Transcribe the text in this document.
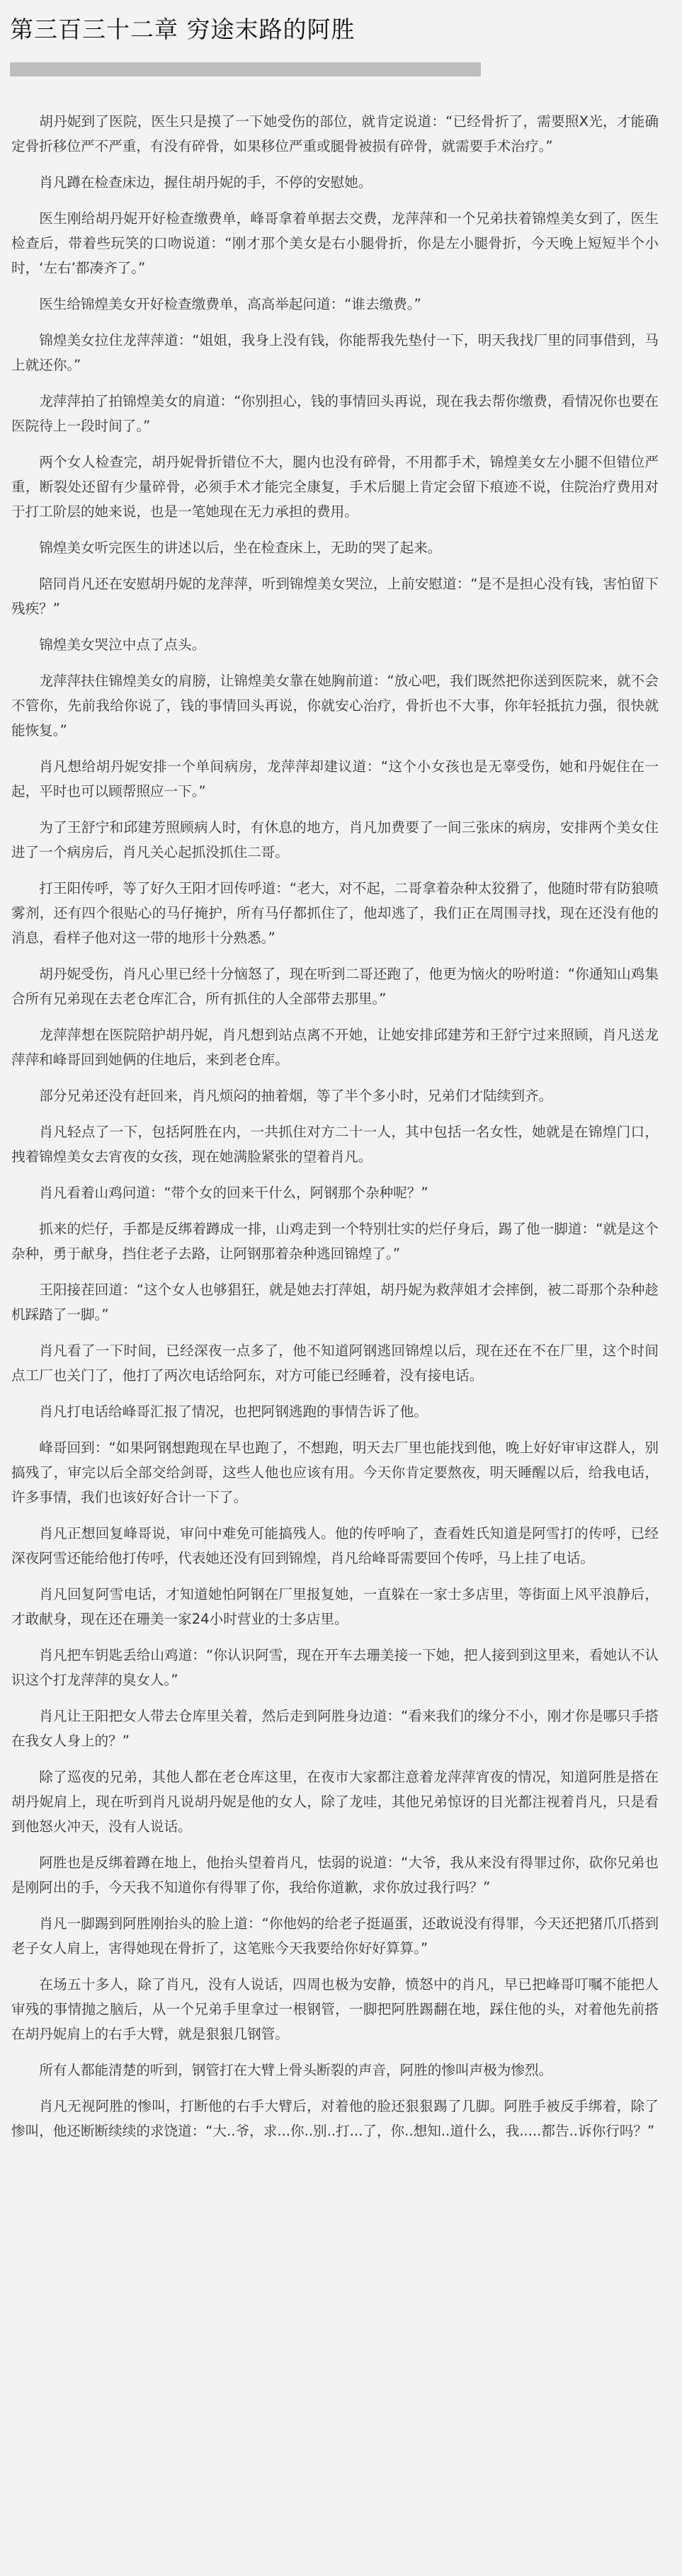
第三百三十二章 穷途末路的阿胜

胡丹妮到了医院，医生只是摸了一下她受伤的部位，就肯定说道：“已经骨折了，需要照X光，才能确定骨折移位严不严重，有没有碎骨，如果移位严重或腿骨被损有碎骨，就需要手术治疗。”

肖凡蹲在检查床边，握住胡丹妮的手，不停的安慰她。

医生刚给胡丹妮开好检查缴费单，峰哥拿着单据去交费，龙萍萍和一个兄弟扶着锦煌美女到了，医生检查后，带着些玩笑的口吻说道：“刚才那个美女是右小腿骨折，你是左小腿骨折，今天晚上短短半个小时，‘左右’都凑齐了。”

医生给锦煌美女开好检查缴费单，高高举起问道：“谁去缴费。”

锦煌美女拉住龙萍萍道：“姐姐，我身上没有钱，你能帮我先垫付一下，明天我找厂里的同事借到，马上就还你。”

龙萍萍拍了拍锦煌美女的肩道：“你别担心，钱的事情回头再说，现在我去帮你缴费，看情况你也要在医院待上一段时间了。”

两个女人检查完，胡丹妮骨折错位不大，腿内也没有碎骨，不用都手术，锦煌美女左小腿不但错位严重，断裂处还留有少量碎骨，必须手术才能完全康复，手术后腿上肯定会留下痕迹不说，住院治疗费用对于打工阶层的她来说，也是一笔她现在无力承担的费用。

锦煌美女听完医生的讲述以后，坐在检查床上，无助的哭了起来。

陪同肖凡还在安慰胡丹妮的龙萍萍，听到锦煌美女哭泣，上前安慰道：“是不是担心没有钱，害怕留下残疾？”

锦煌美女哭泣中点了点头。

龙萍萍扶住锦煌美女的肩膀，让锦煌美女靠在她胸前道：“放心吧，我们既然把你送到医院来，就不会不管你，先前我给你说了，钱的事情回头再说，你就安心治疗，骨折也不大事，你年轻抵抗力强，很快就能恢复。”

肖凡想给胡丹妮安排一个单间病房，龙萍萍却建议道：“这个小女孩也是无辜受伤，她和丹妮住在一起，平时也可以顾帮照应一下。”

为了王舒宁和邱建芳照顾病人时，有休息的地方，肖凡加费要了一间三张床的病房，安排两个美女住进了一个病房后，肖凡关心起抓没抓住二哥。

打王阳传呼，等了好久王阳才回传呼道：“老大，对不起，二哥拿着杂种太狡猾了，他随时带有防狼喷雾剂，还有四个很贴心的马仔掩护，所有马仔都抓住了，他却逃了，我们正在周围寻找，现在还没有他的消息，看样子他对这一带的地形十分熟悉。”

胡丹妮受伤，肖凡心里已经十分恼怒了，现在听到二哥还跑了，他更为恼火的吩咐道：“你通知山鸡集合所有兄弟现在去老仓库汇合，所有抓住的人全部带去那里。”

龙萍萍想在医院陪护胡丹妮，肖凡想到站点离不开她，让她安排邱建芳和王舒宁过来照顾，肖凡送龙萍萍和峰哥回到她俩的住地后，来到老仓库。

部分兄弟还没有赶回来，肖凡烦闷的抽着烟，等了半个多小时，兄弟们才陆续到齐。

肖凡轻点了一下，包括阿胜在内，一共抓住对方二十一人，其中包括一名女性，她就是在锦煌门口，拽着锦煌美女去宵夜的女孩，现在她满脸紧张的望着肖凡。

肖凡看着山鸡问道：“带个女的回来干什么，阿钢那个杂种呢？”

抓来的烂仔，手都是反绑着蹲成一排，山鸡走到一个特别壮实的烂仔身后，踢了他一脚道：“就是这个杂种，勇于献身，挡住老子去路，让阿钢那着杂种逃回锦煌了。”

王阳接茬回道：“这个女人也够猖狂，就是她去打萍姐，胡丹妮为救萍姐才会摔倒，被二哥那个杂种趁机踩踏了一脚。”

肖凡看了一下时间，已经深夜一点多了，他不知道阿钢逃回锦煌以后，现在还在不在厂里，这个时间点工厂也关门了，他打了两次电话给阿东，对方可能已经睡着，没有接电话。

肖凡打电话给峰哥汇报了情况，也把阿钢逃跑的事情告诉了他。

峰哥回到：“如果阿钢想跑现在早也跑了，不想跑，明天去厂里也能找到他，晚上好好审审这群人，别搞残了，审完以后全部交给剑哥，这些人他也应该有用。今天你肯定要熬夜，明天睡醒以后，给我电话，许多事情，我们也该好好合计一下了。

肖凡正想回复峰哥说，审问中难免可能搞残人。他的传呼响了，查看姓氏知道是阿雪打的传呼，已经深夜阿雪还能给他打传呼，代表她还没有回到锦煌，肖凡给峰哥需要回个传呼，马上挂了电话。

肖凡回复阿雪电话，才知道她怕阿钢在厂里报复她，一直躲在一家士多店里，等街面上风平浪静后，才敢献身，现在还在珊美一家24小时营业的士多店里。

肖凡把车钥匙丢给山鸡道：“你认识阿雪，现在开车去珊美接一下她，把人接到到这里来，看她认不认识这个打龙萍萍的臭女人。”

肖凡让王阳把女人带去仓库里关着，然后走到阿胜身边道：“看来我们的缘分不小，刚才你是哪只手搭在我女人身上的？”

除了巡夜的兄弟，其他人都在老仓库这里，在夜市大家都注意着龙萍萍宵夜的情况，知道阿胜是搭在胡丹妮肩上，现在听到肖凡说胡丹妮是他的女人，除了龙哇，其他兄弟惊讶的目光都注视着肖凡，只是看到他怒火冲天，没有人说话。

阿胜也是反绑着蹲在地上，他抬头望着肖凡，怯弱的说道：“大爷，我从来没有得罪过你，砍你兄弟也是刚阿出的手，今天我不知道你有得罪了你，我给你道歉，求你放过我行吗？”

肖凡一脚踢到阿胜刚抬头的脸上道：“你他妈的给老子挺逼蛋，还敢说没有得罪，今天还把猪爪爪搭到老子女人肩上，害得她现在骨折了，这笔账今天我要给你好好算算。”

在场五十多人，除了肖凡，没有人说话，四周也极为安静，愤怒中的肖凡，早已把峰哥叮嘱不能把人审残的事情抛之脑后，从一个兄弟手里拿过一根钢管，一脚把阿胜踢翻在地，踩住他的头，对着他先前搭在胡丹妮肩上的右手大臂，就是狠狠几钢管。

所有人都能清楚的听到，钢管打在大臂上骨头断裂的声音，阿胜的惨叫声极为惨烈。

肖凡无视阿胜的惨叫，打断他的右手大臂后，对着他的脸还狠狠踢了几脚。阿胜手被反手绑着，除了惨叫，他还断断续续的求饶道：“大..爷，求...你..别..打...了，你..想知..道什么，我.....都告..诉你行吗？”
